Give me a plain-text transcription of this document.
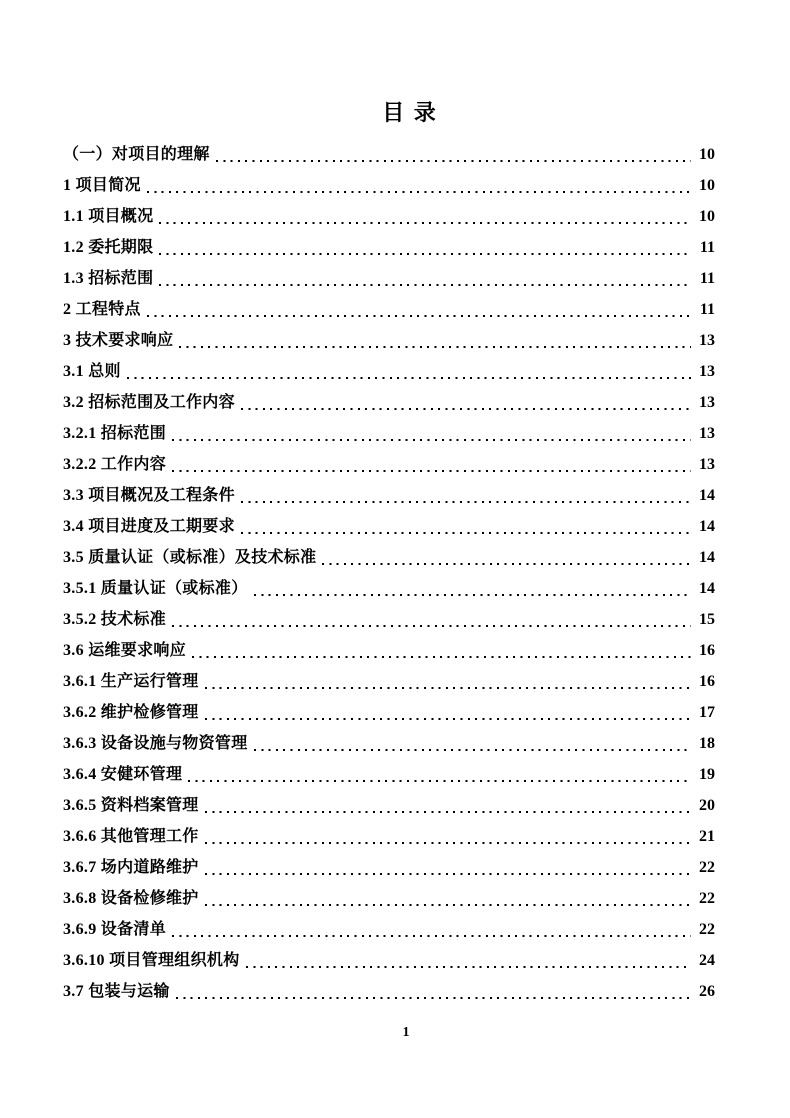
目 录
（一）对项目的理解	10
1 项目简况	10
1.1 项目概况	10
1.2 委托期限	11
1.3 招标范围	11
2 工程特点	11
3 技术要求响应	13
3.1 总则	13
3.2 招标范围及工作内容	13
3.2.1 招标范围	13
3.2.2 工作内容	13
3.3 项目概况及工程条件	14
3.4 项目进度及工期要求	14
3.5 质量认证（或标准）及技术标准	14
3.5.1 质量认证（或标准）	14
3.5.2 技术标准	15
3.6 运维要求响应	16
3.6.1 生产运行管理	16
3.6.2 维护检修管理	17
3.6.3 设备设施与物资管理	18
3.6.4 安健环管理	19
3.6.5 资料档案管理	20
3.6.6 其他管理工作	21
3.6.7 场内道路维护	22
3.6.8 设备检修维护	22
3.6.9 设备清单	22
3.6.10 项目管理组织机构	24
3.7 包装与运输	26
1
